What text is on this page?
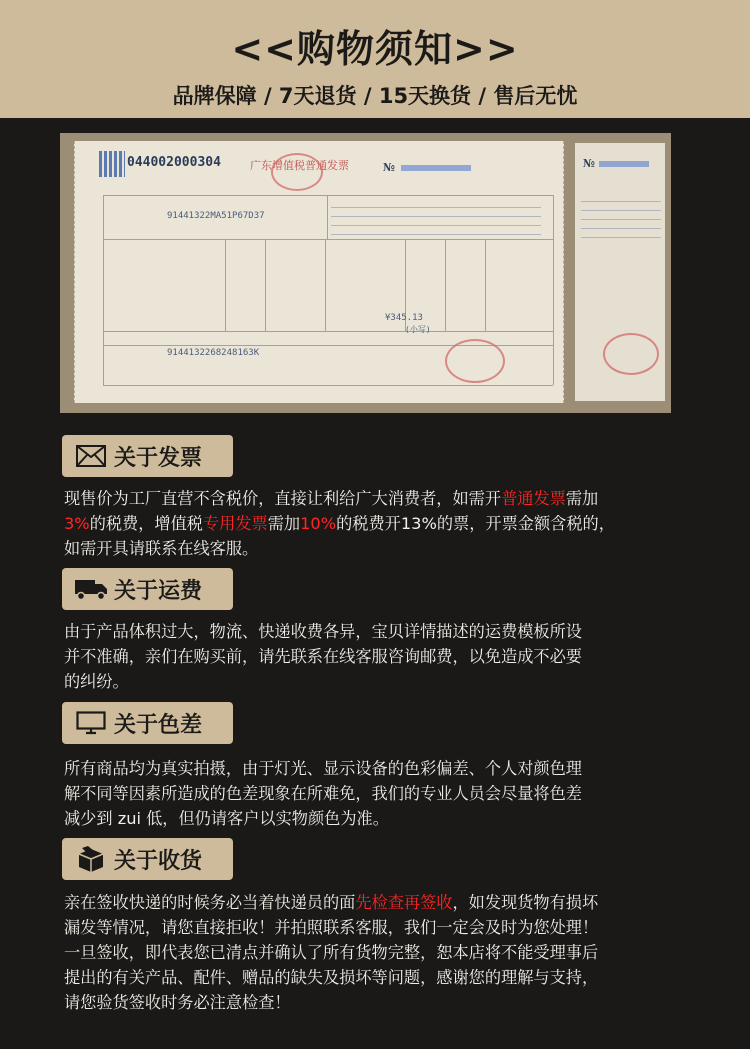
<<购物须知>>
品牌保障 / 7天退货 / 15天换货 / 售后无忧
044002000304	广东增值税普通发票	№
91441322MA51P67D37
9144132268248163K
¥345.13
(小写)
№
关于发票
现售价为工厂直营不含税价，直接让利给广大消费者，如需开普通发票需加
3%的税费，增值税专用发票需加10%的税费开13%的票，开票金额含税的，
如需开具请联系在线客服。
关于运费
由于产品体积过大，物流、快递收费各异，宝贝详情描述的运费模板所设
并不准确，亲们在购买前，请先联系在线客服咨询邮费，以免造成不必要
的纠纷。
关于色差
所有商品均为真实拍摄，由于灯光、显示设备的色彩偏差、个人对颜色理
解不同等因素所造成的色差现象在所难免，我们的专业人员会尽量将色差
减少到 zui 低，但仍请客户以实物颜色为准。
关于收货
亲在签收快递的时候务必当着快递员的面先检查再签收，如发现货物有损坏
漏发等情况，请您直接拒收！并拍照联系客服，我们一定会及时为您处理！
一旦签收，即代表您已清点并确认了所有货物完整，恕本店将不能受理事后
提出的有关产品、配件、赠品的缺失及损坏等问题，感谢您的理解与支持，
请您验货签收时务必注意检查！
